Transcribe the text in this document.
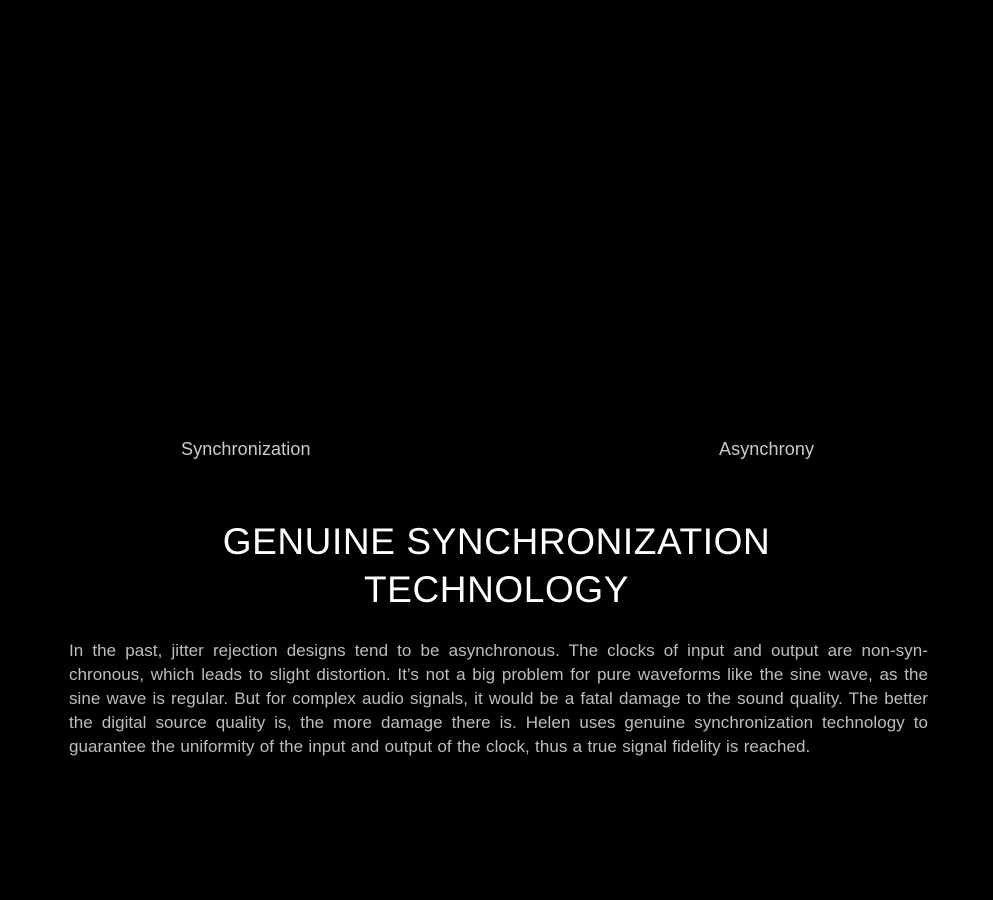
Synchronization	Asynchrony
GENUINE SYNCHRONIZATION
TECHNOLOGY

In the past, jitter rejection designs tend to be asynchronous. The clocks of input and output are non-syn-chronous, which leads to slight distortion. It’s not a big problem for pure waveforms like the sine wave, as the sine wave is regular. But for complex audio signals, it would be a fatal damage to the sound quality. The better the digital source quality is, the more damage there is. Helen uses genuine synchronization technology to guarantee the uniformity of the input and output of the clock, thus a true signal fidelity is reached.
